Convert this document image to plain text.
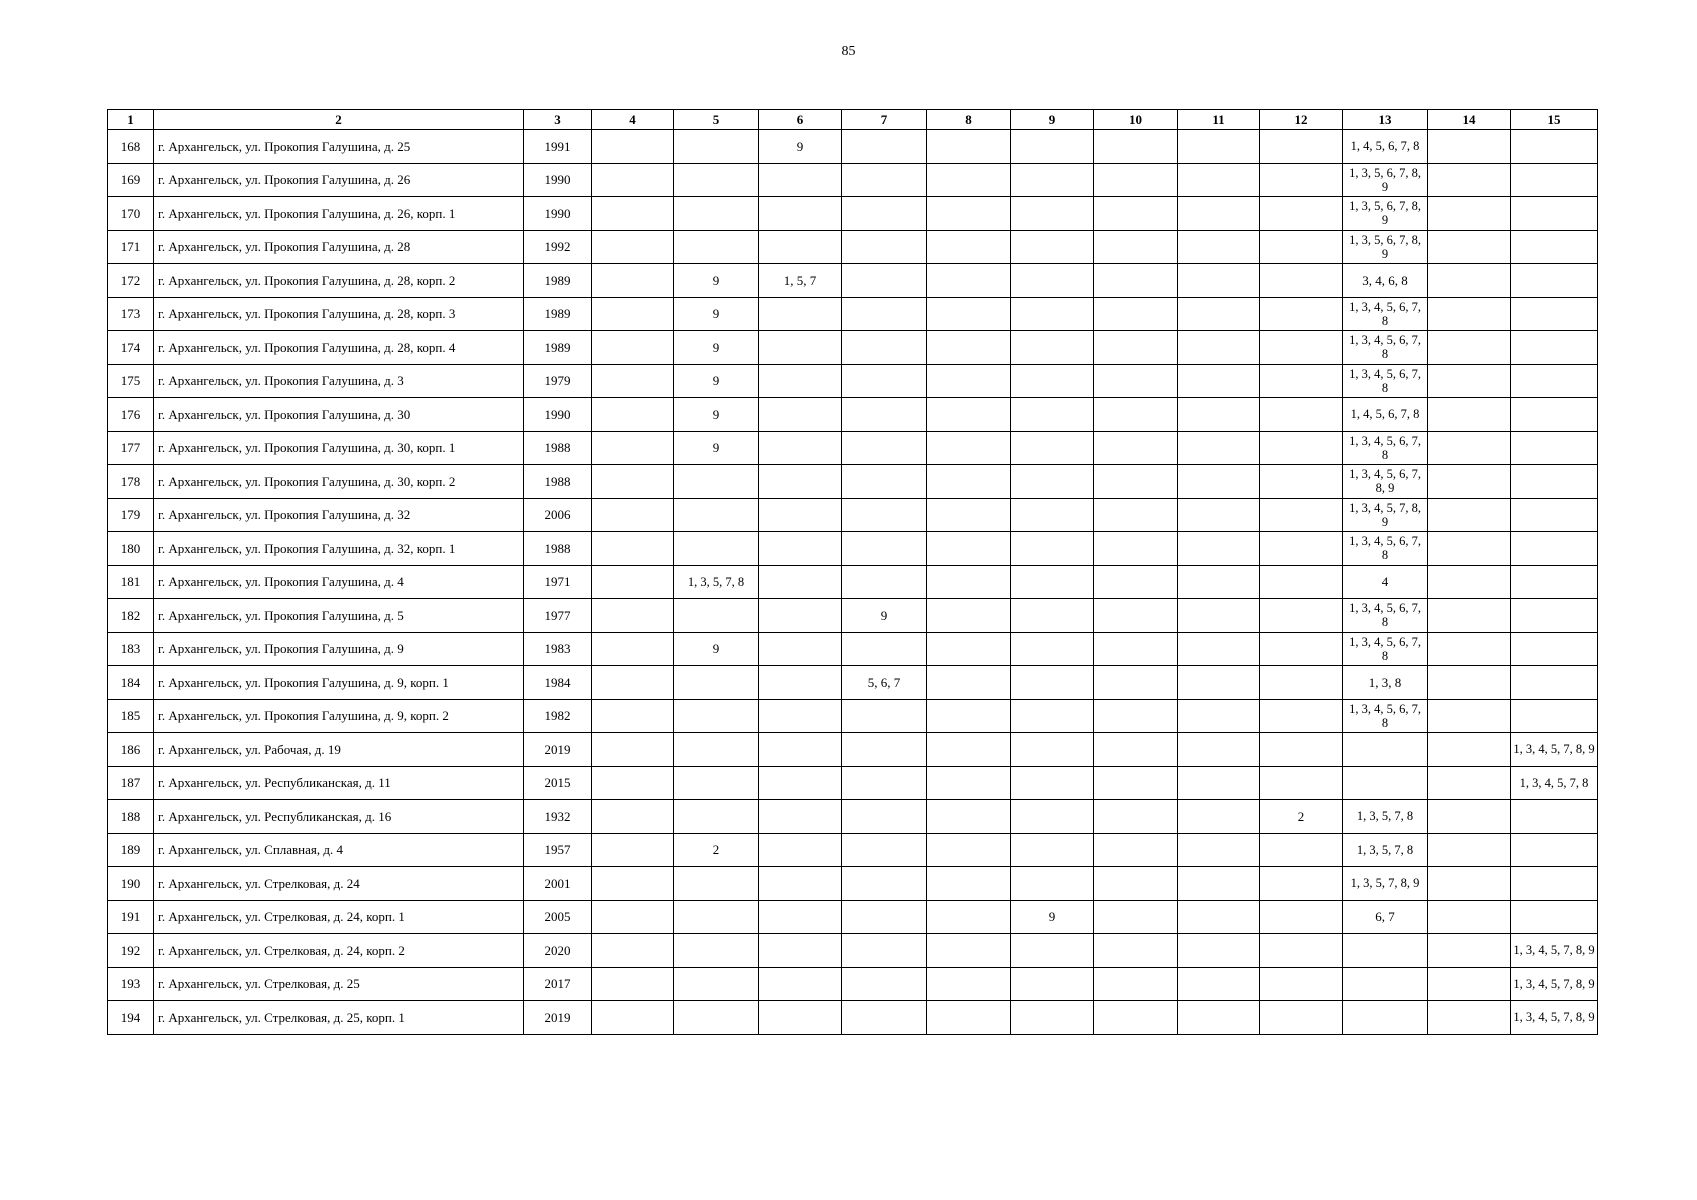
85
1	2	3	4	5	6	7	8	9	10	11	12	13	14	15
168	г. Архангельск, ул. Прокопия Галушина, д. 25	1991			9							1, 4, 5, 6, 7, 8		
169	г. Архангельск, ул. Прокопия Галушина, д. 26	1990										1, 3, 5, 6, 7, 8, 9		
170	г. Архангельск, ул. Прокопия Галушина, д. 26, корп. 1	1990										1, 3, 5, 6, 7, 8, 9		
171	г. Архангельск, ул. Прокопия Галушина, д. 28	1992										1, 3, 5, 6, 7, 8, 9		
172	г. Архангельск, ул. Прокопия Галушина, д. 28, корп. 2	1989		9	1, 5, 7							3, 4, 6, 8		
173	г. Архангельск, ул. Прокопия Галушина, д. 28, корп. 3	1989		9								1, 3, 4, 5, 6, 7, 8		
174	г. Архангельск, ул. Прокопия Галушина, д. 28, корп. 4	1989		9								1, 3, 4, 5, 6, 7, 8		
175	г. Архангельск, ул. Прокопия Галушина, д. 3	1979		9								1, 3, 4, 5, 6, 7, 8		
176	г. Архангельск, ул. Прокопия Галушина, д. 30	1990		9								1, 4, 5, 6, 7, 8		
177	г. Архангельск, ул. Прокопия Галушина, д. 30, корп. 1	1988		9								1, 3, 4, 5, 6, 7, 8		
178	г. Архангельск, ул. Прокопия Галушина, д. 30, корп. 2	1988										1, 3, 4, 5, 6, 7, 8, 9		
179	г. Архангельск, ул. Прокопия Галушина, д. 32	2006										1, 3, 4, 5, 7, 8, 9		
180	г. Архангельск, ул. Прокопия Галушина, д. 32, корп. 1	1988										1, 3, 4, 5, 6, 7, 8		
181	г. Архангельск, ул. Прокопия Галушина, д. 4	1971		1, 3, 5, 7, 8								4		
182	г. Архангельск, ул. Прокопия Галушина, д. 5	1977				9						1, 3, 4, 5, 6, 7, 8		
183	г. Архангельск, ул. Прокопия Галушина, д. 9	1983		9								1, 3, 4, 5, 6, 7, 8		
184	г. Архангельск, ул. Прокопия Галушина, д. 9, корп. 1	1984				5, 6, 7						1, 3, 8		
185	г. Архангельск, ул. Прокопия Галушина, д. 9, корп. 2	1982										1, 3, 4, 5, 6, 7, 8		
186	г. Архангельск, ул. Рабочая, д. 19	2019												1, 3, 4, 5, 7, 8, 9
187	г. Архангельск, ул. Республиканская, д. 11	2015												1, 3, 4, 5, 7, 8
188	г. Архангельск, ул. Республиканская, д. 16	1932									2	1, 3, 5, 7, 8		
189	г. Архангельск, ул. Сплавная, д. 4	1957		2								1, 3, 5, 7, 8		
190	г. Архангельск, ул. Стрелковая, д. 24	2001										1, 3, 5, 7, 8, 9		
191	г. Архангельск, ул. Стрелковая, д. 24, корп. 1	2005						9				6, 7		
192	г. Архангельск, ул. Стрелковая, д. 24, корп. 2	2020												1, 3, 4, 5, 7, 8, 9
193	г. Архангельск, ул. Стрелковая, д. 25	2017												1, 3, 4, 5, 7, 8, 9
194	г. Архангельск, ул. Стрелковая, д. 25, корп. 1	2019												1, 3, 4, 5, 7, 8, 9
